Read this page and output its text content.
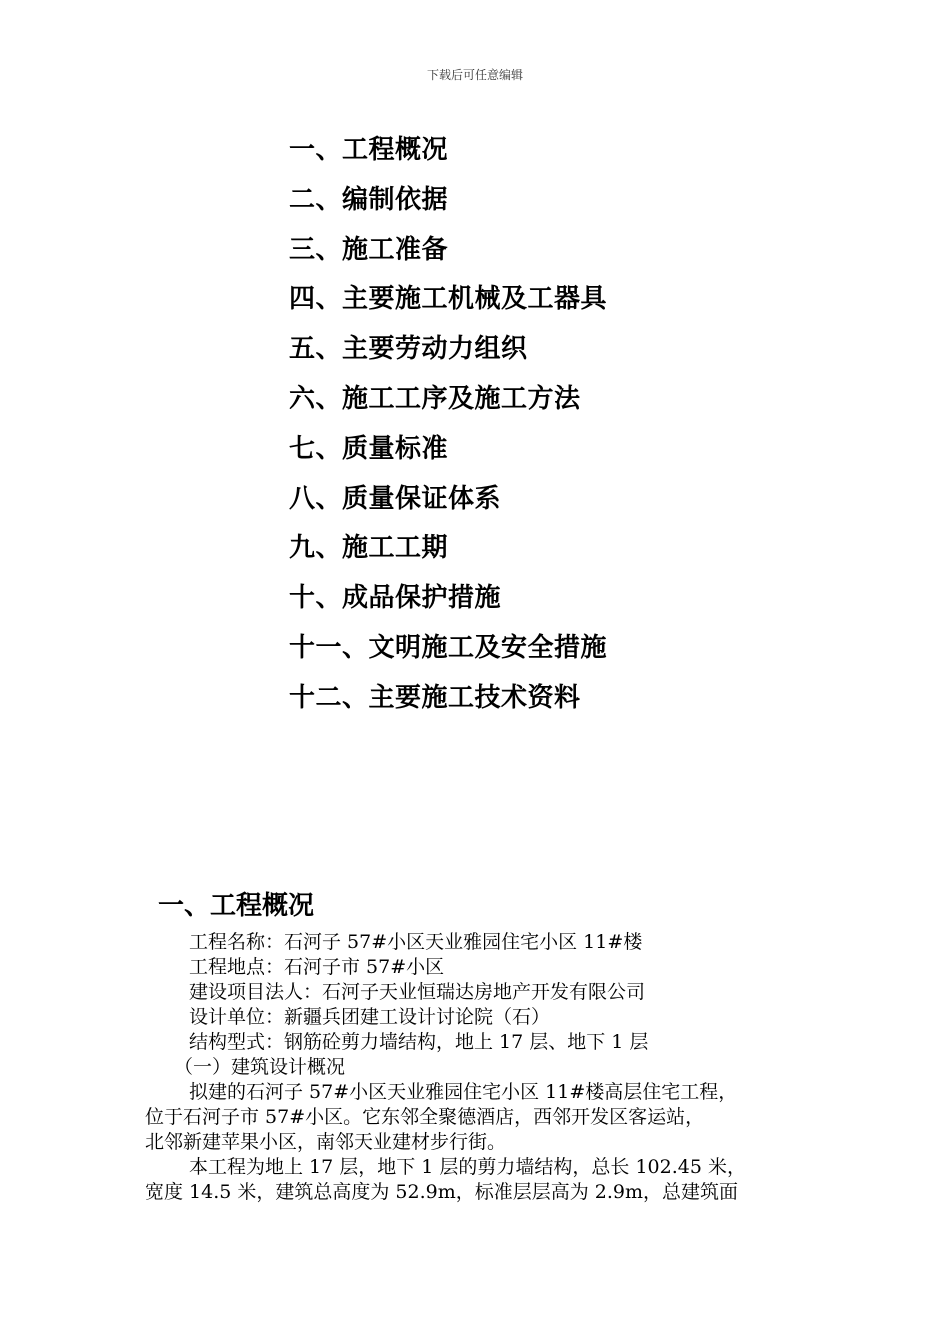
下载后可任意编辑
一、工程概况
二、编制依据
三、施工准备
四、主要施工机械及工器具
五、主要劳动力组织
六、施工工序及施工方法
七、质量标准
八、质量保证体系
九、施工工期
十、成品保护措施
十一、文明施工及安全措施
十二、主要施工技术资料
一、工程概况
工程名称：石河子 57#小区天业雅园住宅小区 11#楼
工程地点：石河子市 57#小区
建设项目法人：石河子天业恒瑞达房地产开发有限公司
设计单位：新疆兵团建工设计讨论院（石）
结构型式：钢筋砼剪力墙结构，地上 17 层、地下 1 层
（一）建筑设计概况
拟建的石河子 57#小区天业雅园住宅小区 11#楼高层住宅工程，
位于石河子市 57#小区。它东邻全聚德酒店，西邻开发区客运站，
北邻新建苹果小区，南邻天业建材步行街。
本工程为地上 17 层，地下 1 层的剪力墙结构，总长 102.45 米，
宽度 14.5 米，建筑总高度为 52.9m，标准层层高为 2.9m，总建筑面
